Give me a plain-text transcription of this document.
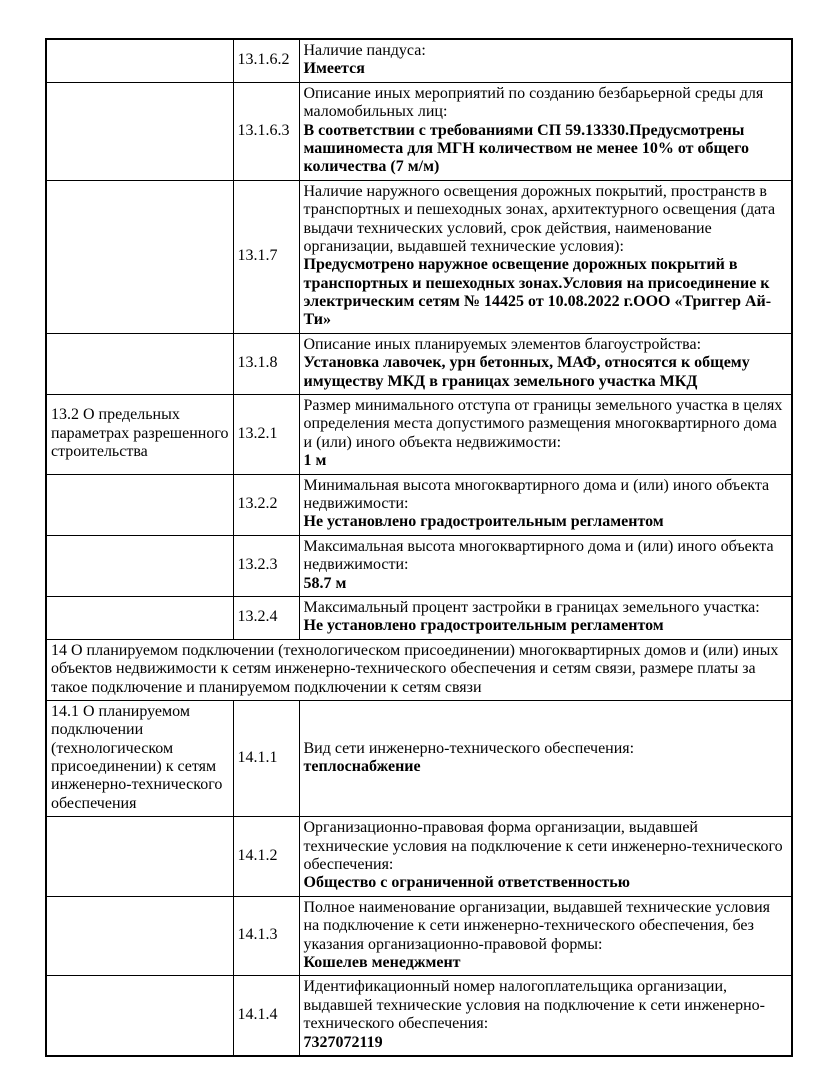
	13.1.6.2	Наличие пандуса:
Имеется

	13.1.6.3	Описание иных мероприятий по созданию безбарьерной среды для маломобильных лиц:
В соответствии с требованиями СП 59.13330.Предусмотрены машиноместа для МГН количеством не менее 10% от общего количества (7 м/м)

	13.1.7	Наличие наружного освещения дорожных покрытий, пространств в транспортных и пешеходных зонах, архитектурного освещения (дата выдачи технических условий, срок действия, наименование организации, выдавшей технические условия):
Предусмотрено наружное освещение дорожных покрытий в транспортных и пешеходных зонах.Условия на присоединение к электрическим сетям № 14425 от 10.08.2022 г.ООО «Триггер Ай-Ти»

	13.1.8	Описание иных планируемых элементов благоустройства:
Установка лавочек, урн бетонных, МАФ, относятся к общему имуществу МКД в границах земельного участка МКД

13.2 О предельных параметрах разрешенного строительства	13.2.1	Размер минимального отступа от границы земельного участка в целях определения места допустимого размещения многоквартирного дома и (или) иного объекта недвижимости:
1 м

	13.2.2	Минимальная высота многоквартирного дома и (или) иного объекта недвижимости:
Не установлено градостроительным регламентом

	13.2.3	Максимальная высота многоквартирного дома и (или) иного объекта недвижимости:
58.7 м

	13.2.4	Максимальный процент застройки в границах земельного участка:
Не установлено градостроительным регламентом

14 О планируемом подключении (технологическом присоединении) многоквартирных домов и (или) иных объектов недвижимости к сетям инженерно-технического обеспечения и сетям связи, размере платы за такое подключение и планируемом подключении к сетям связи		
14.1 О планируемом подключении (технологическом присоединении) к сетям инженерно-технического обеспечения	14.1.1	Вид сети инженерно-технического обеспечения:
теплоснабжение

	14.1.2	Организационно-правовая форма организации, выдавшей технические условия на подключение к сети инженерно-технического обеспечения:
Общество с ограниченной ответственностью

	14.1.3	Полное наименование организации, выдавшей технические условия на подключение к сети инженерно-технического обеспечения, без указания организационно-правовой формы:
Кошелев менеджмент

	14.1.4	Идентификационный номер налогоплательщика организации, выдавшей технические условия на подключение к сети инженерно-технического обеспечения:
7327072119
